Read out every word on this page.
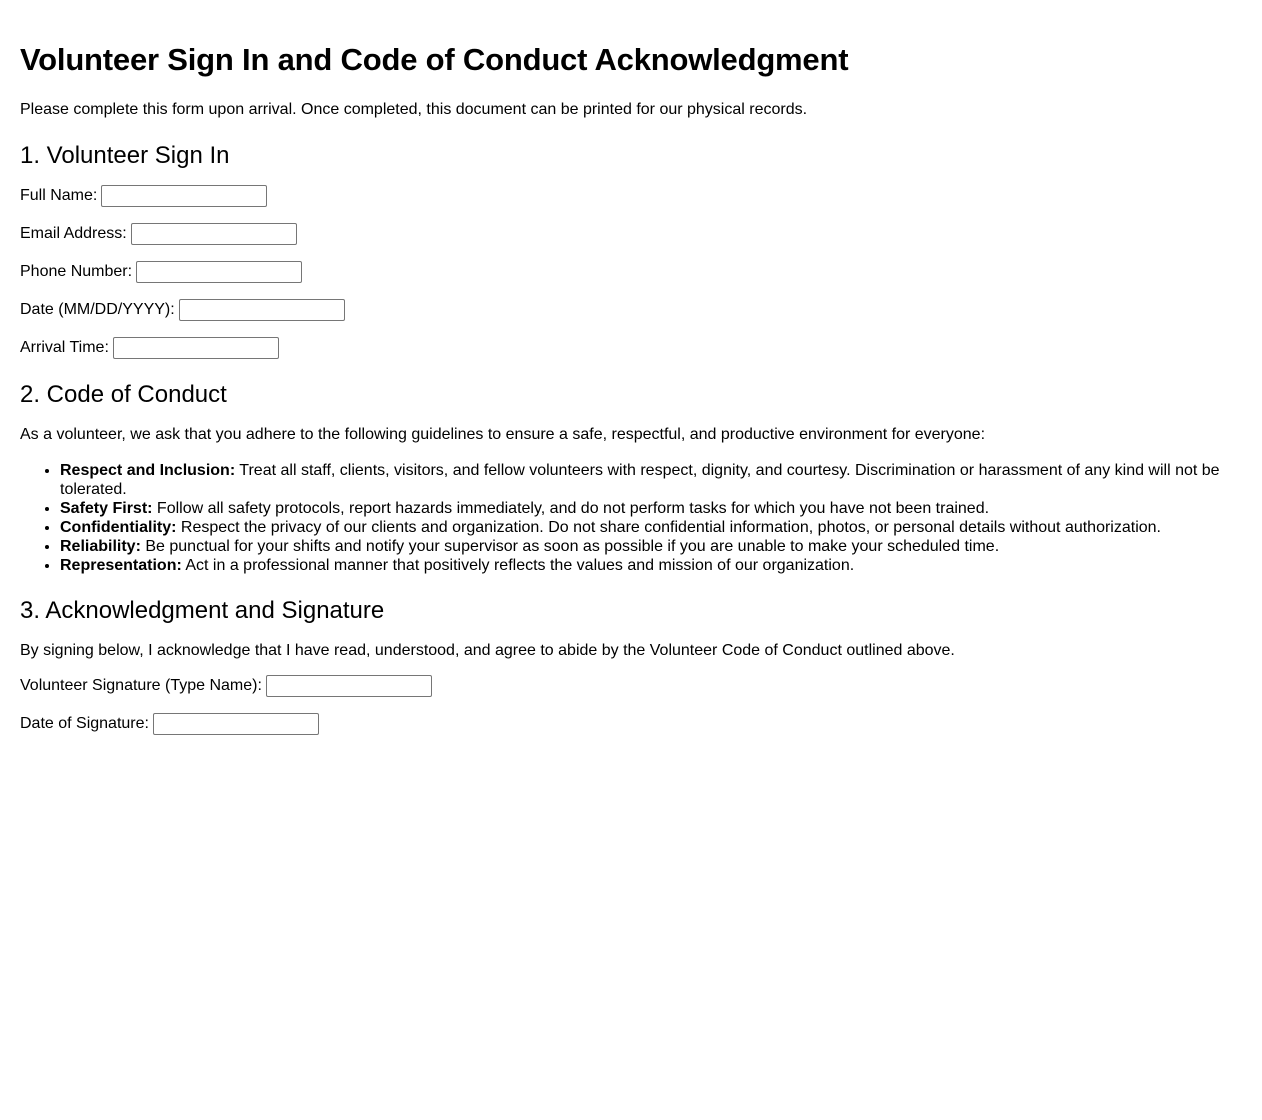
Volunteer Sign In and Code of Conduct Acknowledgment

Please complete this form upon arrival. Once completed, this document can be printed for our physical records.

1. Volunteer Sign In
Full Name:
Email Address:
Phone Number:
Date (MM/DD/YYYY):
Arrival Time:
2. Code of Conduct

As a volunteer, we ask that you adhere to the following guidelines to ensure a safe, respectful, and productive environment for everyone:

• Respect and Inclusion: Treat all staff, clients, visitors, and fellow volunteers with respect, dignity, and courtesy. Discrimination or harassment of any kind will not be tolerated.
• Safety First: Follow all safety protocols, report hazards immediately, and do not perform tasks for which you have not been trained.
• Confidentiality: Respect the privacy of our clients and organization. Do not share confidential information, photos, or personal details without authorization.
• Reliability: Be punctual for your shifts and notify your supervisor as soon as possible if you are unable to make your scheduled time.
• Representation: Act in a professional manner that positively reflects the values and mission of our organization.
3. Acknowledgment and Signature

By signing below, I acknowledge that I have read, understood, and agree to abide by the Volunteer Code of Conduct outlined above.

Volunteer Signature (Type Name):
Date of Signature:
